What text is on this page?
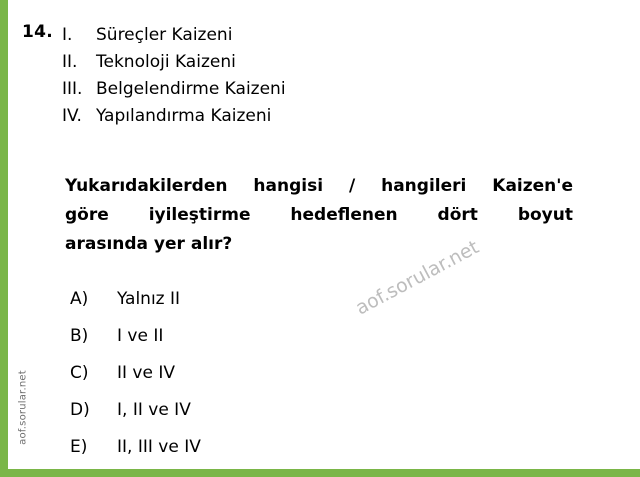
aof.sorular.net
aof.sorular.net
14. I.	Süreçler Kaizeni
II.	Teknoloji Kaizeni
III. Belgelendirme Kaizeni
IV. Yapılandırma Kaizeni
Yukarıdakilerden hangisi / hangileri Kaizen'e
göre iyileştirme hedeflenen dört boyut
arasında yer alır?
A)	Yalnız II
B)	I ve II
C)	II ve IV
D)	I, II ve IV
E)	II, III ve IV
